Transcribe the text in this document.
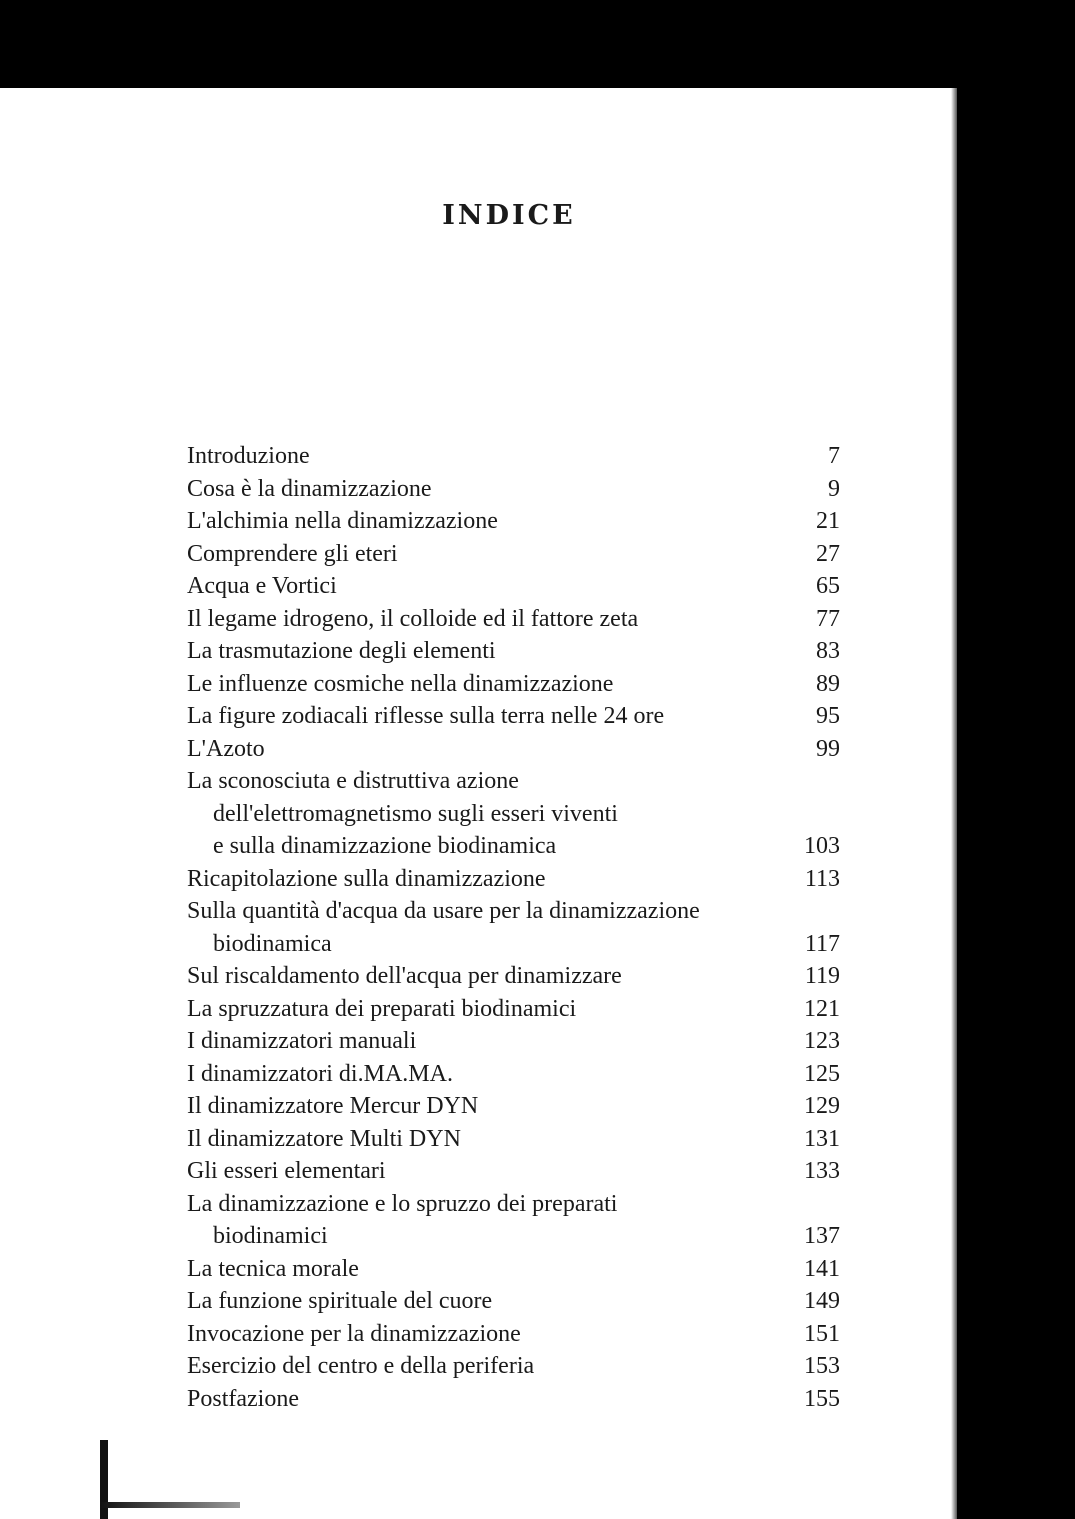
INDICE
Introduzione	7
Cosa è la dinamizzazione	9
L'alchimia nella dinamizzazione	21
Comprendere gli eteri	27
Acqua e Vortici	65
Il legame idrogeno, il colloide ed il fattore zeta	77
La trasmutazione degli elementi	83
Le influenze cosmiche nella dinamizzazione	89
La figure zodiacali riflesse sulla terra nelle 24 ore	95
L'Azoto	99
La sconosciuta e distruttiva azione
dell'elettromagnetismo sugli esseri viventi
e sulla dinamizzazione biodinamica	103
Ricapitolazione sulla dinamizzazione	113
Sulla quantità d'acqua da usare per la dinamizzazione
biodinamica	117
Sul riscaldamento dell'acqua per dinamizzare	119
La spruzzatura dei preparati biodinamici	121
I dinamizzatori manuali	123
I dinamizzatori di.MA.MA.	125
Il dinamizzatore Mercur DYN	129
Il dinamizzatore Multi DYN	131
Gli esseri elementari	133
La dinamizzazione e lo spruzzo dei preparati
biodinamici	137
La tecnica morale	141
La funzione spirituale del cuore	149
Invocazione per la dinamizzazione	151
Esercizio del centro e della periferia	153
Postfazione	155
